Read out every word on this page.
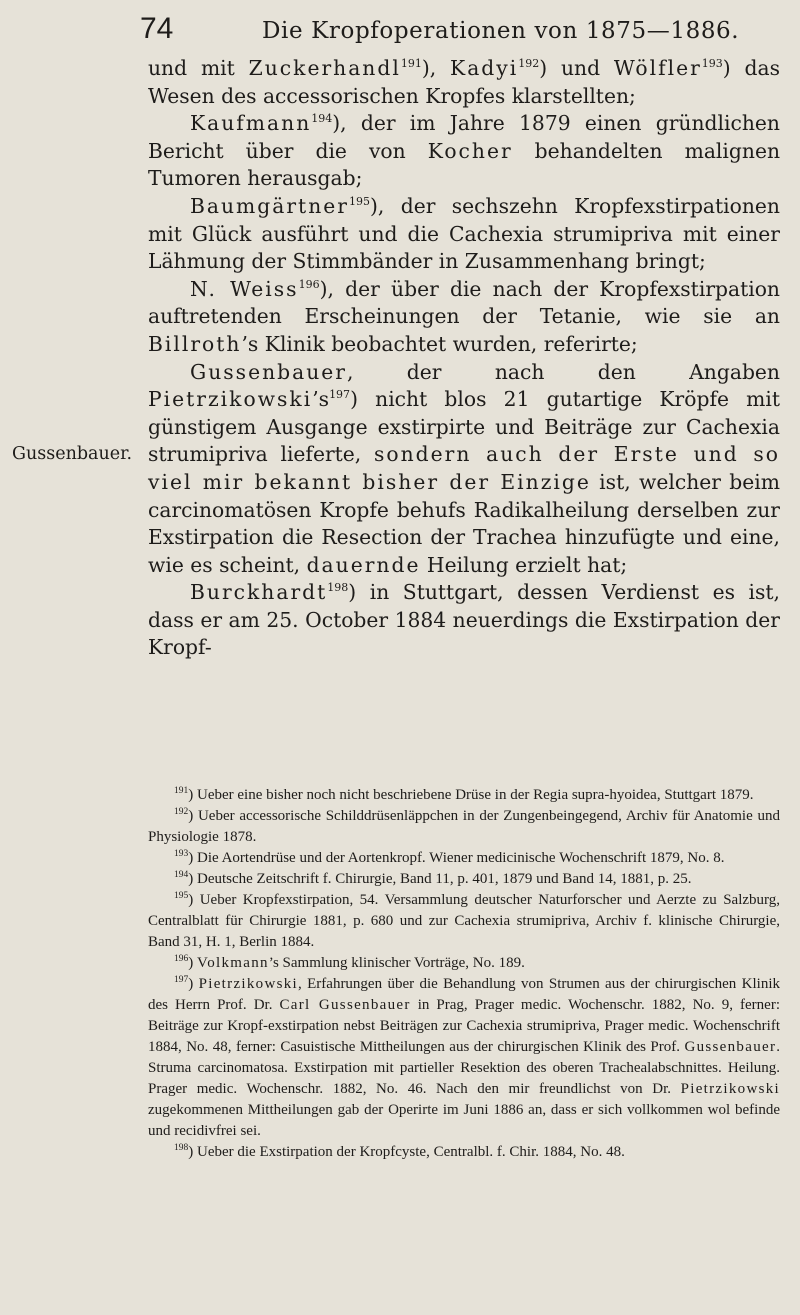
74	Die Kropfoperationen von 1875—1886.
Gussenbauer.

und mit Zuckerhandl$^{191}$), Kadyi$^{192}$) und Wölfler$^{193}$) das Wesen des accessorischen Kropfes klarstellten;

Kaufmann$^{194}$), der im Jahre 1879 einen gründlichen Bericht über die von Kocher behandelten malignen Tumoren herausgab;

Baumgärtner$^{195}$), der sechszehn Kropfexstirpationen mit Glück ausführt und die Cachexia strumipriva mit einer Lähmung der Stimmbänder in Zusammenhang bringt;

N. Weiss$^{196}$), der über die nach der Kropfexstirpation auftretenden Erscheinungen der Tetanie, wie sie an Billroth’s Klinik beobachtet wurden, referirte;

Gussenbauer, der nach den Angaben $Pietrzikowski’s^{197}$) nicht blos 21 gutartige Kröpfe mit günstigem Ausgange exstirpirte und Beiträge zur Cachexia strumipriva lieferte, sondern auch der Erste und so viel mir bekannt bisher der Einzige ist, welcher beim carcinomatösen Kropfe behufs Radikalheilung derselben zur Exstirpation die Resection der Trachea hinzufügte und eine, wie es scheint, dauernde Heilung erzielt hat;

Burckhardt$^{198}$) in Stuttgart, dessen Verdienst es ist, dass er am 25. October 1884 neuerdings die Exstirpation der Kropf-

$^{191}$) Ueber eine bisher noch nicht beschriebene Drüse in der Regia supra-hyoidea, Stuttgart 1879.

$^{192}$) Ueber accessorische Schilddrüsenläppchen in der Zungenbeingegend, Archiv für Anatomie und Physiologie 1878.

$^{193}$) Die Aortendrüse und der Aortenkropf. Wiener medicinische Wochenschrift 1879, No. 8.

$^{194}$) Deutsche Zeitschrift f. Chirurgie, Band 11, p. 401, 1879 und Band 14, 1881, p. 25.

$^{195}$) Ueber Kropfexstirpation, 54. Versammlung deutscher Naturforscher und Aerzte zu Salzburg, Centralblatt für Chirurgie 1881, p. 680 und zur Cachexia strumipriva, Archiv f. klinische Chirurgie, Band 31, H. 1, Berlin 1884.

$^{196}$) Volkmann’s Sammlung klinischer Vorträge, No. 189.

$^{197}$) Pietrzikowski, Erfahrungen über die Behandlung von Strumen aus der chirurgischen Klinik des Herrn Prof. Dr. Carl Gussenbauer in Prag, Prager medic. Wochenschr. 1882, No. 9, ferner: Beiträge zur Kropf-exstirpation nebst Beiträgen zur Cachexia strumipriva, Prager medic. Wochenschrift 1884, No. 48, ferner: Casuistische Mittheilungen aus der chirurgischen Klinik des Prof. Gussenbauer. Struma carcinomatosa. Exstirpation mit partieller Resektion des oberen Trachealabschnittes. Heilung. Prager medic. Wochenschr. 1882, No. 46. Nach den mir freundlichst von Dr. Pietrzikowski zugekommenen Mittheilungen gab der Operirte im Juni 1886 an, dass er sich vollkommen wol befinde und recidivfrei sei.

$^{198}$) Ueber die Exstirpation der Kropfcyste, Centralbl. f. Chir. 1884, No. 48.
